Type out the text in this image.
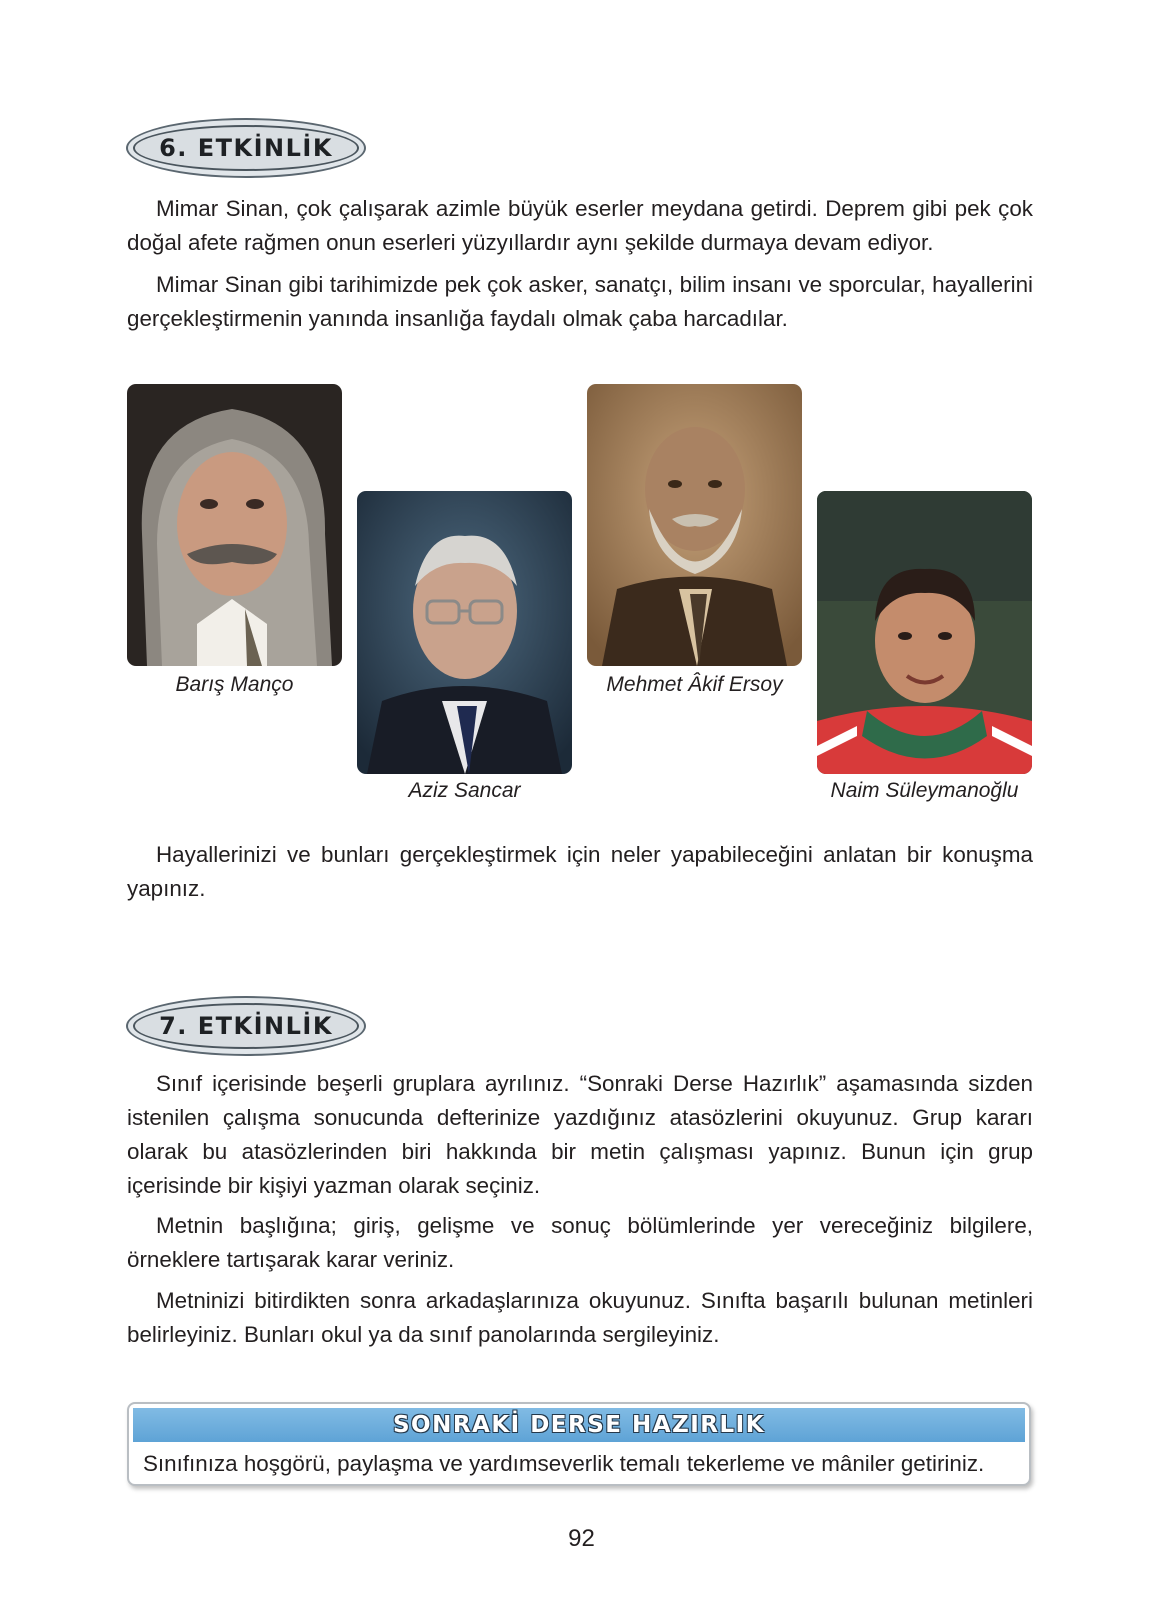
6. ETKİNLİK

Mimar Sinan, çok çalışarak azimle büyük eserler meydana getirdi. Deprem gibi pek çok doğal afete rağmen onun eserleri yüzyıllardır aynı şekilde durmaya devam ediyor.

Mimar Sinan gibi tarihimizde pek çok asker, sanatçı, bilim insanı ve sporcular, hayallerini gerçekleştirmenin yanında insanlığa faydalı olmak çaba harcadılar.

Barış Manço
Aziz Sancar
Mehmet Âkif Ersoy
Naim Süleymanoğlu

Hayallerinizi ve bunları gerçekleştirmek için neler yapabileceğini anlatan bir konuşma yapınız.

7. ETKİNLİK

Sınıf içerisinde beşerli gruplara ayrılınız. “Sonraki Derse Hazırlık” aşamasında sizden istenilen çalışma sonucunda defterinize yazdığınız atasözlerini okuyunuz. Grup kararı olarak bu atasözlerinden biri hakkında bir metin çalışması yapınız. Bunun için grup içerisinde bir kişiyi yazman olarak seçiniz.

Metnin başlığına; giriş, gelişme ve sonuç bölümlerinde yer vereceğiniz bilgilere, örneklere tartışarak karar veriniz.

Metninizi bitirdikten sonra arkadaşlarınıza okuyunuz. Sınıfta başarılı bulunan metinleri belirleyiniz. Bunları okul ya da sınıf panolarında sergileyiniz.

SONRAKİ DERSE HAZIRLIK
Sınıfınıza hoşgörü, paylaşma ve yardımseverlik temalı tekerleme ve mâniler getiriniz.
92
